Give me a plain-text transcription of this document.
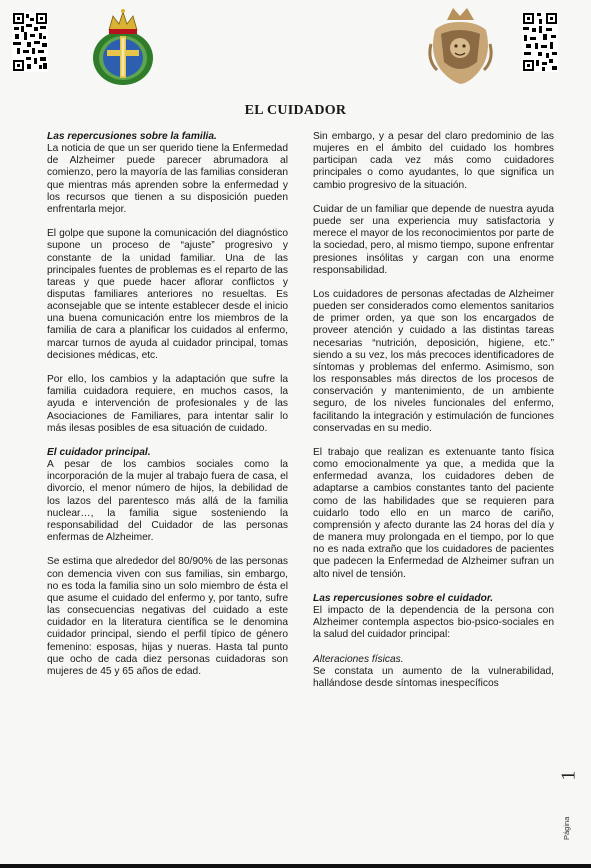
EL CUIDADOR
Las repercusiones sobre la familia.

La noticia de que un ser querido tiene la Enfermedad de Alzheimer puede parecer abrumadora al comienzo, pero la mayoría de las familias consideran que mientras más aprenden sobre la enfermedad y los recursos que tienen a su disposición pueden enfrentarla mejor.

El golpe que supone la comunicación del diagnóstico supone un proceso de “ajuste” progresivo y constante de la unidad familiar. Una de las principales fuentes de problemas es el reparto de las tareas y que puede hacer aflorar conflictos y disputas familiares anteriores no resueltas. Es aconsejable que se intente establecer desde el inicio una buena comunicación entre los miembros de la familia de cara a planificar los cuidados al enfermo, marcar turnos de ayuda al cuidador principal, tomas decisiones médicas, etc.

Por ello, los cambios y la adaptación que sufre la familia cuidadora requiere, en muchos casos, la ayuda e intervención de profesionales y de las Asociaciones de Familiares, para intentar salir lo más ilesas posibles de esa situación de cuidado.

El cuidador principal.

A pesar de los cambios sociales como la incorporación de la mujer al trabajo fuera de casa, el divorcio, el menor número de hijos, la debilidad de los lazos del parentesco más allá de la familia nuclear…, la familia sigue sosteniendo la responsabilidad del Cuidador de las personas enfermas de Alzheimer.

Se estima que alrededor del 80/90% de las personas con demencia viven con sus familias, sin embargo, no es toda la familia sino un solo miembro de ésta el que asume el cuidado del enfermo y, por tanto, sufre las consecuencias negativas del cuidado a este cuidador en la literatura científica se le denomina cuidador principal, siendo el perfil típico de género femenino: esposas, hijas y nueras. Hasta tal punto que ocho de cada diez personas cuidadoras son mujeres de 45 y 65 años de edad.

Sin embargo, y a pesar del claro predominio de las mujeres en el ámbito del cuidado los hombres participan cada vez más como cuidadores principales o como ayudantes, lo que significa un cambio progresivo de la situación.

Cuidar de un familiar que depende de nuestra ayuda puede ser una experiencia muy satisfactoria y merece el mayor de los reconocimientos por parte de la sociedad, pero, al mismo tiempo, supone enfrentar presiones insólitas y cargan con una enorme responsabilidad.

Los cuidadores de personas afectadas de Alzheimer pueden ser considerados como elementos sanitarios de primer orden, ya que son los encargados de proveer atención y cuidado a las distintas tareas necesarias “nutrición, deposición, higiene, etc.” siendo a su vez, los más precoces identificadores de síntomas y problemas del enfermo. Asimismo, son los responsables más directos de los procesos de conservación y mantenimiento, de un ambiente seguro, de los niveles funcionales del enfermo, facilitando la integración y estimulación de funciones conservadas en su medio.

El trabajo que realizan es extenuante tanto física como emocionalmente ya que, a medida que la enfermedad avanza, los cuidadores deben de adaptarse a cambios constantes tanto del paciente como de las habilidades que se requieren para cuidarlo todo ello en un marco de cariño, comprensión y afecto durante las 24 horas del día y de manera muy prolongada en el tiempo, por lo que no es nada extraño que los cuidadores de pacientes que padecen la Enfermedad de Alzheimer sufran un alto nivel de tensión.

Las repercusiones sobre el cuidador.

El impacto de la dependencia de la persona con Alzheimer contempla aspectos bio-psico-sociales en la salud del cuidador principal:

Alteraciones físicas.

Se constata un aumento de la vulnerabilidad, hallándose desde síntomas inespecíficos

1
Página
